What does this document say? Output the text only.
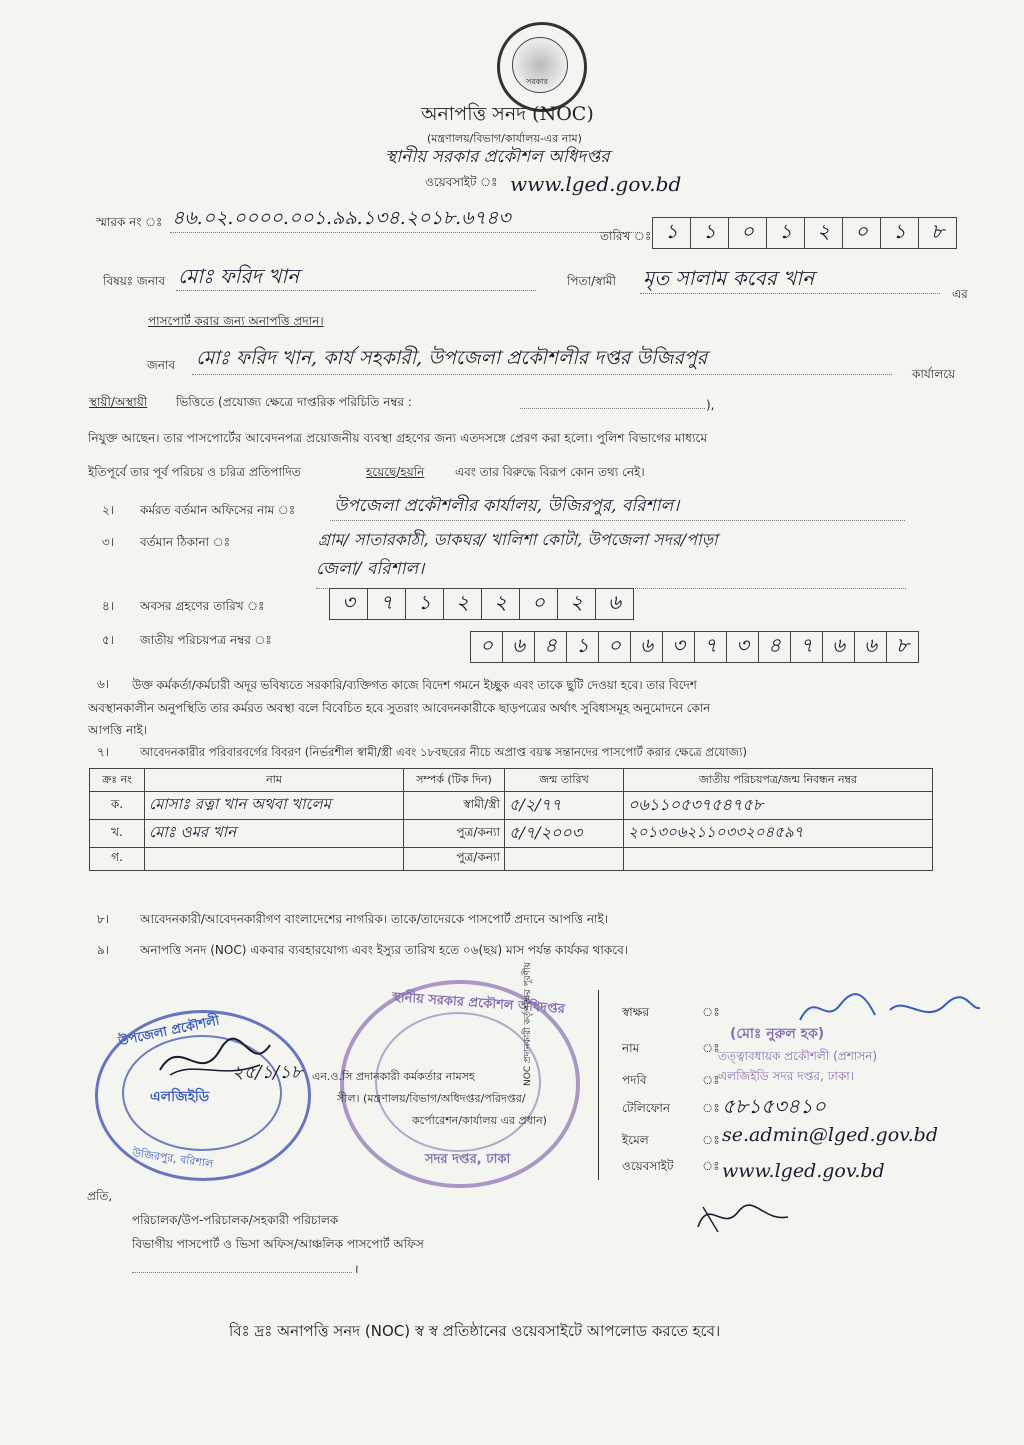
সরকার
অনাপত্তি সনদ (NOC)
(মন্ত্রণালয়/বিভাগ/কার্যালয়-এর নাম)
স্থানীয় সরকার প্রকৌশল অধিদপ্তর
ওয়েবসাইট ঃ www.lged.gov.bd
স্মারক নং ঃ ৪৬.০২.০০০০.০০১.৯৯.১৩৪.২০১৮.৬৭৪৩
তারিখ ঃ ১	১	০	১	২	০	১	৮
বিষয়ঃ জনাব মোঃ ফরিদ খান	পিতা/স্বামী মৃত সালাম কবের খান
এর
পাসপোর্ট করার জন্য অনাপত্তি প্রদান।
জনাব মোঃ ফরিদ খান, কার্য সহকারী, উপজেলা প্রকৌশলীর দপ্তর উজিরপুর
কার্যালয়ে
স্থায়ী/অস্থায়ী ভিত্তিতে (প্রযোজ্য ক্ষেত্রে দাপ্তরিক পরিচিতি নম্বর :	),
নিযুক্ত আছেন। তার পাসপোর্টের আবেদনপত্র প্রয়োজনীয় ব্যবস্থা গ্রহণের জন্য এতদসঙ্গে প্রেরণ করা হলো। পুলিশ বিভাগের মাধ্যমে
ইতিপূর্বে তার পূর্ব পরিচয় ও চরিত্র প্রতিপাদিত	হয়েছে/হয়নি	এবং তার বিরুদ্ধে বিরূপ কোন তথ্য নেই।
২। কর্মরত বর্তমান অফিসের নাম ঃ উপজেলা প্রকৌশলীর কার্যালয়, উজিরপুর, বরিশাল।
৩। বর্তমান ঠিকানা ঃ	গ্রাম/ সাতারকাঠী, ডাকঘর/ খালিশা কোটা, উপজেলা সদর/পাড়া
জেলা/ বরিশাল।
৪। অবসর গ্রহণের তারিখ ঃ	৩	৭	১	২	২	০	২	৬
৫। জাতীয় পরিচয়পত্র নম্বর ঃ	০ ৬ ৪ ১ ০ ৬ ৩ ৭ ৩ ৪ ৭ ৬ ৬ ৮
৬। উক্ত কর্মকর্তা/কর্মচারী অদূর ভবিষ্যতে সরকারি/ব্যক্তিগত কাজে বিদেশ গমনে ইচ্ছুক এবং তাকে ছুটি দেওয়া হবে। তার বিদেশ
অবস্থানকালীন অনুপস্থিতি তার কর্মরত অবস্থা বলে বিবেচিত হবে সুতরাং আবেদনকারীকে ছাড়পত্রের অর্থাৎ সুবিধাসমূহ অনুমোদনে কোন
আপত্তি নাই।
৭।	আবেদনকারীর পরিবারবর্গের বিবরণ (নির্ভরশীল স্বামী/স্ত্রী এবং ১৮বছরের নীচে অপ্রাপ্ত বয়স্ক সন্তানদের পাসপোর্ট করার ক্ষেত্রে প্রযোজ্য)
ক্রঃ নং	নাম	সম্পর্ক (টিক দিন)	জন্ম তারিখ	জাতীয় পরিচয়পত্র/জন্ম নিবন্ধন নম্বর
ক.	মোসাঃ রত্না খান অথবা খালেম	স্বামী/স্ত্রী	৫/২/৭৭	০৬১১০৫৩৭৫৪৭৫৮
খ.	মোঃ ওমর খান	পুত্র/কন্যা	৫/৭/২০০৩	২০১৩০৬২১১০৩৩২০৪৫৯৭
গ.		পুত্র/কন্যা		
৮।	আবেদনকারী/আবেদনকারীগণ বাংলাদেশের নাগরিক। তাকে/তাদেরকে পাসপোর্ট প্রদানে আপত্তি নাই।
৯।	অনাপত্তি সনদ (NOC) একবার ব্যবহারযোগ্য এবং ইস্যুর তারিখ হতে ০৬(ছয়) মাস পর্যন্ত কার্যকর থাকবে।
উপজেলা প্রকৌশলী
এলজিইডি
উজিরপুর, বরিশাল
২৫/১/১৮
স্থানীয় সরকার প্রকৌশল অধিদপ্তর
সদর দপ্তর, ঢাকা
এন.ও.সি প্রদানকারী কর্মকর্তার নামসহ
সীল। (মন্ত্রণালয়/বিভাগ/অধিদপ্তর/পরিদপ্তর/
কর্পোরেশন/কার্যালয় এর প্রধান)
NOC প্রদানকারী কর্তৃপক্ষের পূরণীয়	স্বাক্ষর	ঃ
নাম	ঃ
(মোঃ নুরুল হক)
পদবি	ঃ
তত্ত্বাবধায়ক প্রকৌশলী (প্রশাসন)
এলজিইডি সদর দপ্তর, ঢাকা।
টেলিফোন	ঃ ৫৮১৫৩৪১০
ইমেল	ঃ se.admin@lged.gov.bd
ওয়েবসাইট ঃ www.lged.gov.bd
প্রতি,
পরিচালক/উপ-পরিচালক/সহকারী পরিচালক
বিভাগীয় পাসপোর্ট ও ভিসা অফিস/আঞ্চলিক পাসপোর্ট অফিস
।
বিঃ দ্রঃ অনাপত্তি সনদ (NOC) স্ব স্ব প্রতিষ্ঠানের ওয়েবসাইটে আপলোড করতে হবে।
